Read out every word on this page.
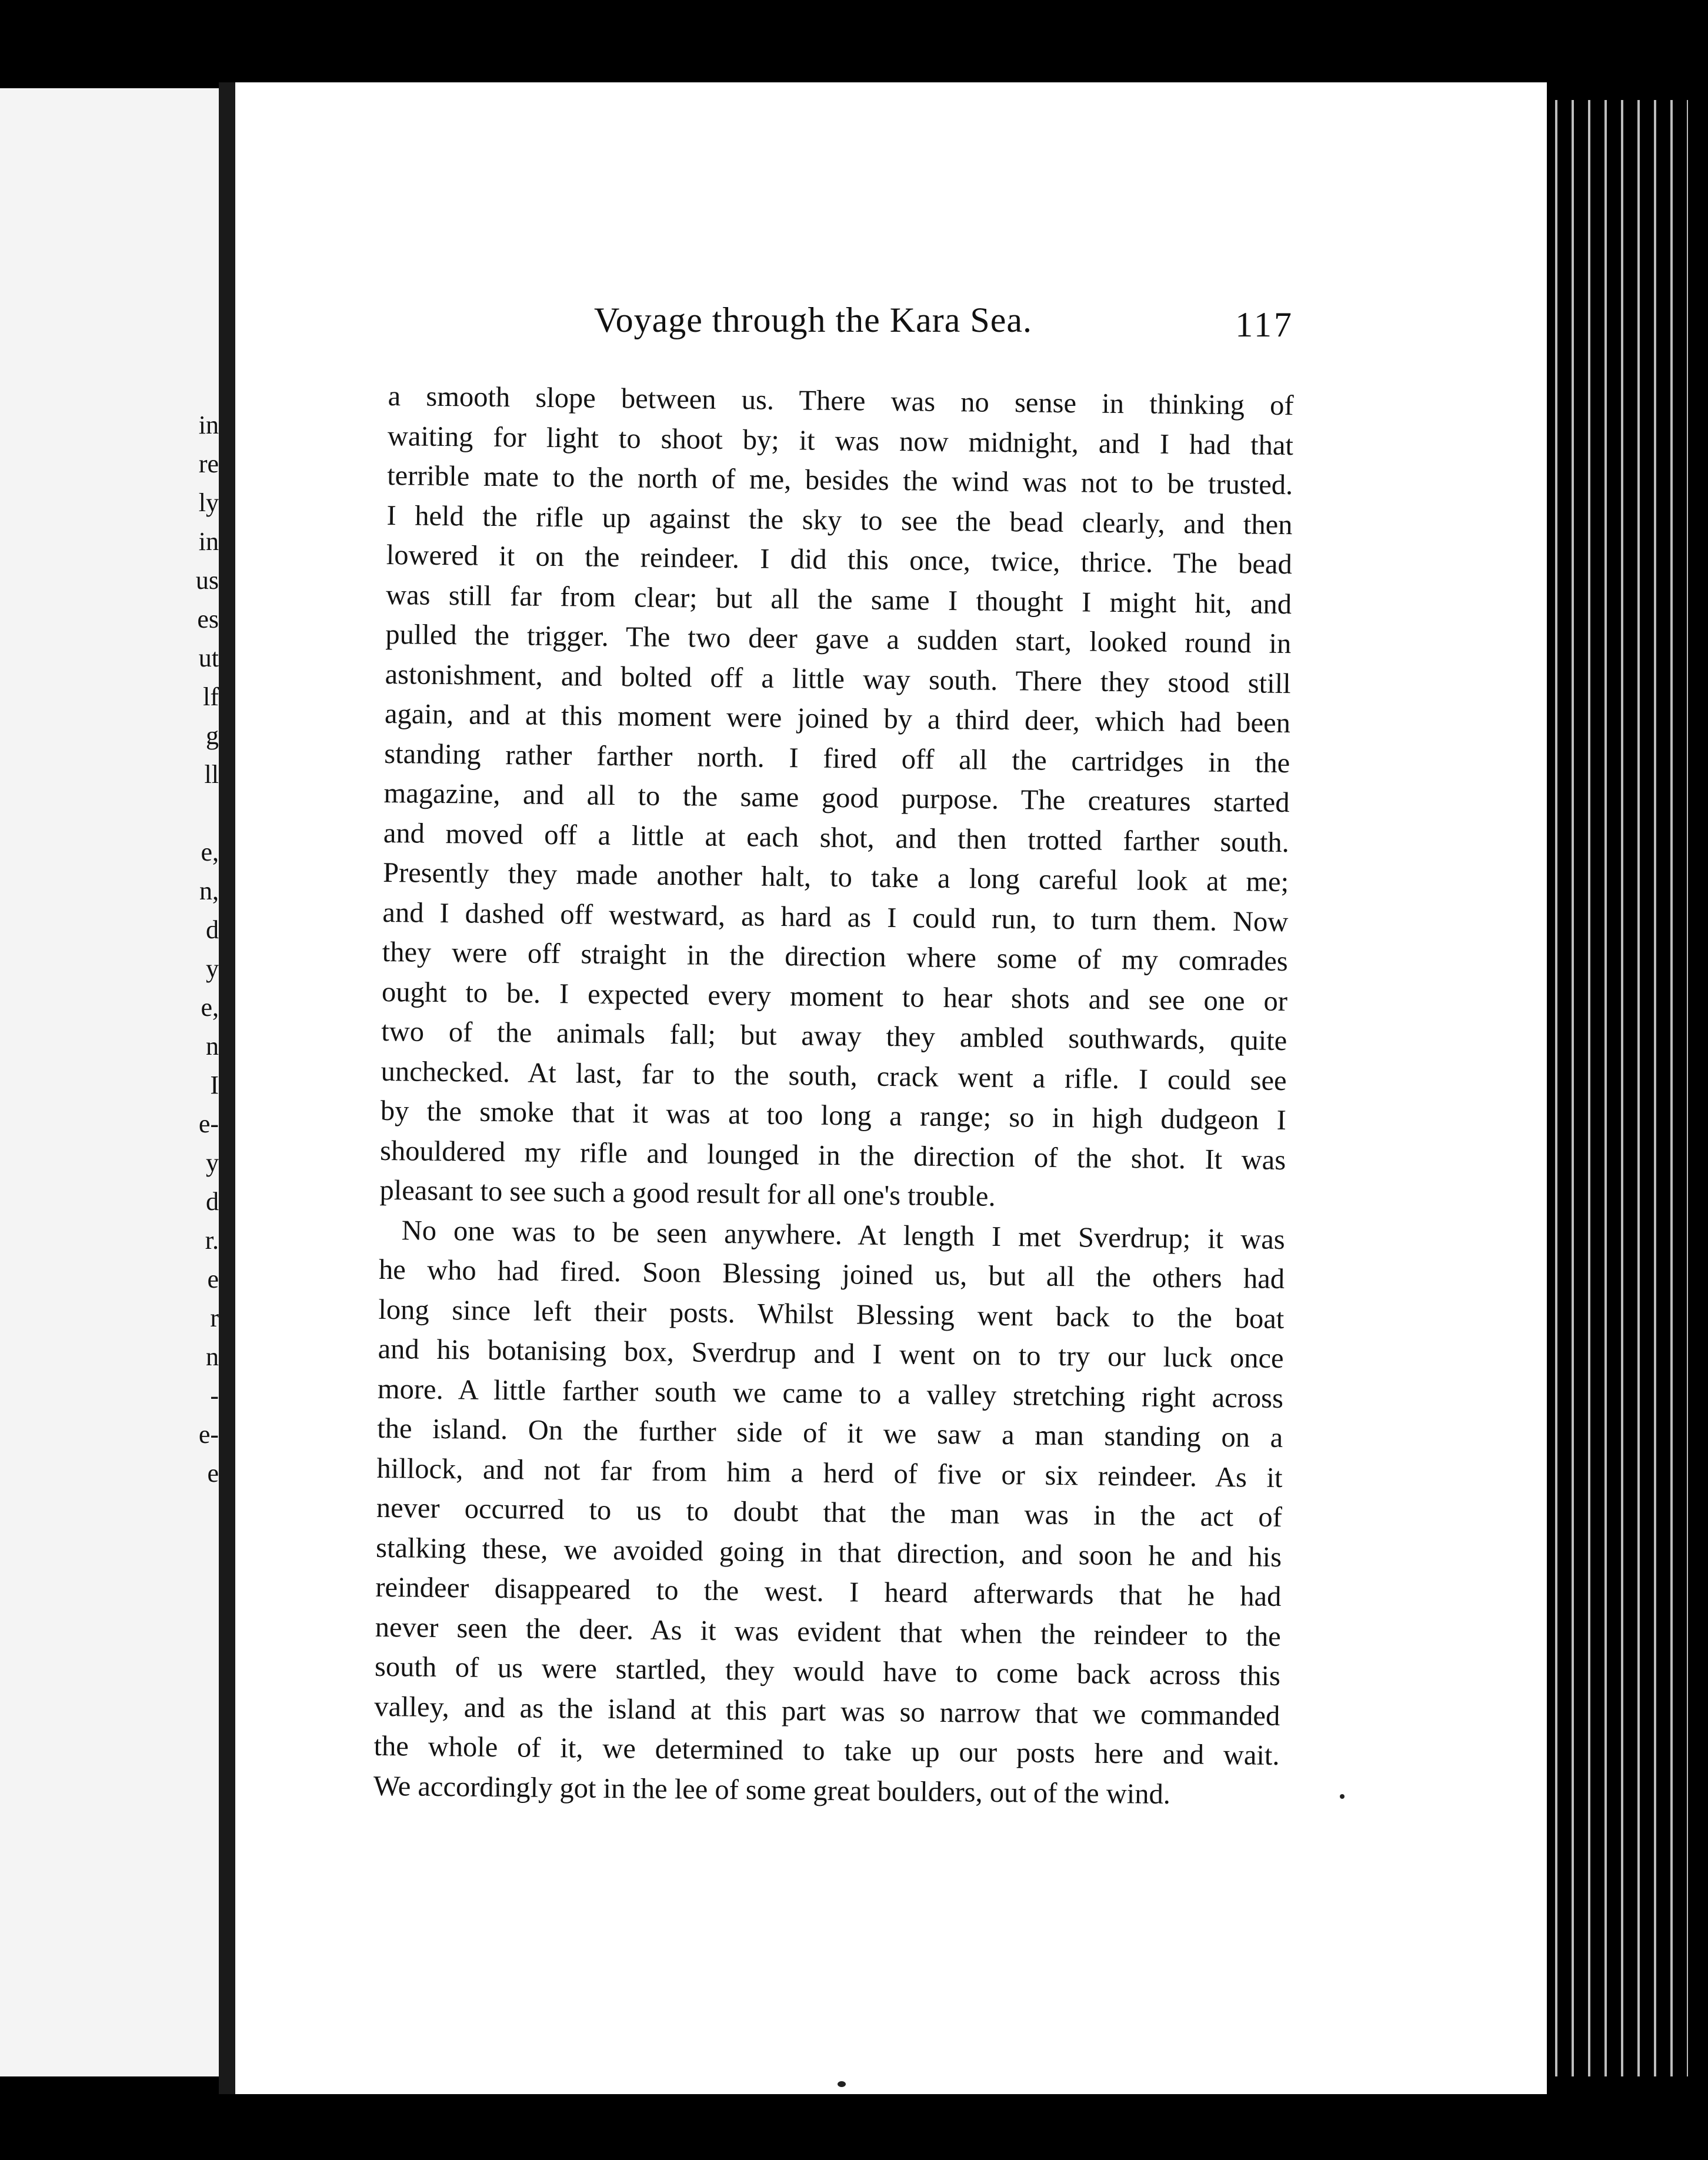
in
re
ly
in
us
es
ut
lf
g
ll

e,
n,
d
y
e,
n
I
e-
y
d
r.
e
r
n
-
e-
e
Voyage through the Kara Sea.	117

a smooth slope between us. There was no sense in thinking of
waiting for light to shoot by; it was now midnight, and I had that
terrible mate to the north of me, besides the wind was not to be trusted.
I held the rifle up against the sky to see the bead clearly, and then
lowered it on the reindeer. I did this once, twice, thrice. The bead
was still far from clear; but all the same I thought I might hit, and
pulled the trigger. The two deer gave a sudden start, looked round in
astonishment, and bolted off a little way south. There they stood still
again, and at this moment were joined by a third deer, which had been
standing rather farther north. I fired off all the cartridges in the
magazine, and all to the same good purpose. The creatures started
and moved off a little at each shot, and then trotted farther south.
Presently they made another halt, to take a long careful look at me;
and I dashed off westward, as hard as I could run, to turn them. Now
they were off straight in the direction where some of my comrades
ought to be. I expected every moment to hear shots and see one or
two of the animals fall; but away they ambled southwards, quite
unchecked. At last, far to the south, crack went a rifle. I could see
by the smoke that it was at too long a range; so in high dudgeon I
shouldered my rifle and lounged in the direction of the shot. It was
pleasant to see such a good result for all one's trouble.

No one was to be seen anywhere. At length I met Sverdrup; it was
he who had fired. Soon Blessing joined us, but all the others had
long since left their posts. Whilst Blessing went back to the boat
and his botanising box, Sverdrup and I went on to try our luck once
more. A little farther south we came to a valley stretching right across
the island. On the further side of it we saw a man standing on a
hillock, and not far from him a herd of five or six reindeer. As it
never occurred to us to doubt that the man was in the act of
stalking these, we avoided going in that direction, and soon he and his
reindeer disappeared to the west. I heard afterwards that he had
never seen the deer. As it was evident that when the reindeer to the
south of us were startled, they would have to come back across this
valley, and as the island at this part was so narrow that we commanded
the whole of it, we determined to take up our posts here and wait.
We accordingly got in the lee of some great boulders, out of the wind.
